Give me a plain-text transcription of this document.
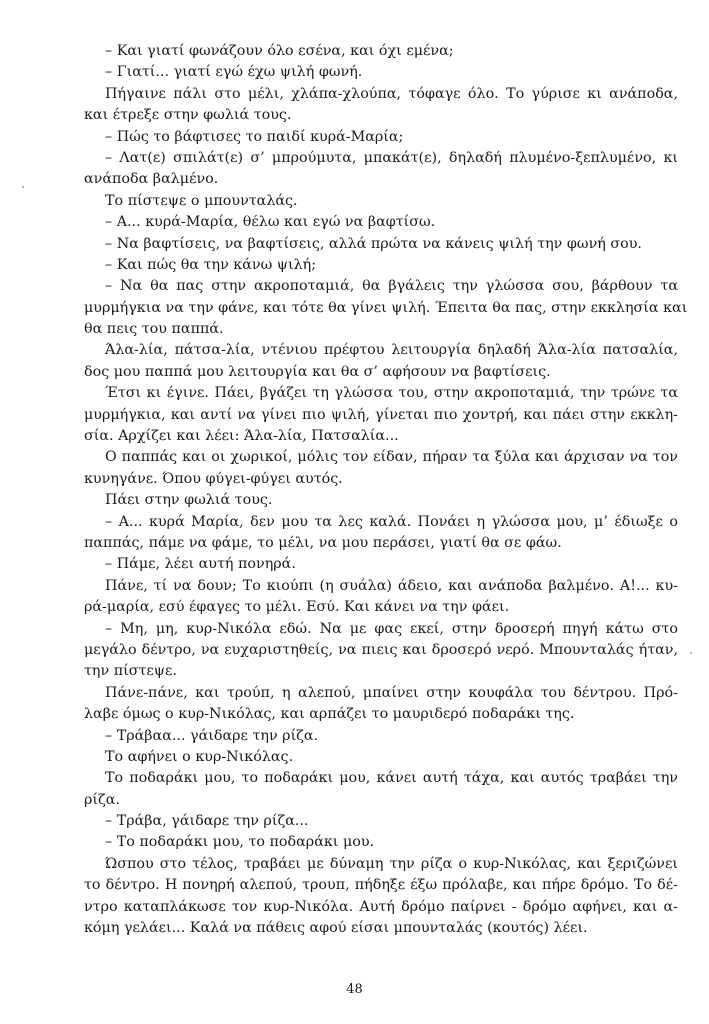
– Και γιατί φωνάζουν όλο εσένα, και όχι εμένα;
– Γιατί... γιατί εγώ έχω ψιλή φωνή.
Πήγαινε πάλι στο μέλι, χλάπα-χλούπα, τόφαγε όλο. Το γύρισε κι ανάποδα,
και έτρεξε στην φωλιά τους.
– Πώς το βάφτισες το παιδί κυρά-Μαρία;
– Λατ(ε) σπιλάτ(ε) σ’ μπρούμυτα, μπακάτ(ε), δηλαδή πλυμένο-ξεπλυμένο, κι
ανάποδα βαλμένο.
Το πίστεψε ο μπουνταλάς.
– Α... κυρά-Μαρία, θέλω και εγώ να βαφτίσω.
– Να βαφτίσεις, να βαφτίσεις, αλλά πρώτα να κάνεις ψιλή την φωνή σου.
– Και πώς θα την κάνω ψιλή;
– Να θα πας στην ακροποταμιά, θα βγάλεις την γλώσσα σου, βάρθουν τα
μυρμήγκια να την φάνε, και τότε θα γίνει ψιλή. Έπειτα θα πας, στην εκκλησία και
θα πεις του παππά.
Άλα-λία, πάτσα-λία, ντένιου πρέφτου λειτουργία δηλαδή Άλα-λία πατσαλία,
δος μου παππά μου λειτουργία και θα σ’ αφήσουν να βαφτίσεις.
Έτσι κι έγινε. Πάει, βγάζει τη γλώσσα του, στην ακροποταμιά, την τρώνε τα
μυρμήγκια, και αντί να γίνει πιο ψιλή, γίνεται πιο χοντρή, και πάει στην εκκλη-
σία. Αρχίζει και λέει: Άλα-λία, Πατσαλία...
Ο παππάς και οι χωρικοί, μόλις τον είδαν, πήραν τα ξύλα και άρχισαν να τον
κυνηγάνε. Όπου φύγει-φύγει αυτός.
Πάει στην φωλιά τους.
– Α... κυρά Μαρία, δεν μου τα λες καλά. Πονάει η γλώσσα μου, μ’ έδιωξε ο
παππάς, πάμε να φάμε, το μέλι, να μου περάσει, γιατί θα σε φάω.
– Πάμε, λέει αυτή πονηρά.
Πάνε, τί να δουν; Το κιούπι (η συάλα) άδειο, και ανάποδα βαλμένο. Α!... κυ-
ρά-μαρία, εσύ έφαγες το μέλι. Εσύ. Και κάνει να την φάει.
– Μη, μη, κυρ-Νικόλα εδώ. Να με φας εκεί, στην δροσερή πηγή κάτω στο
μεγάλο δέντρο, να ευχαριστηθείς, να πιεις και δροσερό νερό. Μπουνταλάς ήταν,
την πίστεψε.
Πάνε-πάνε, και τρούπ, η αλεπού, μπαίνει στην κουφάλα του δέντρου. Πρό-
λαβε όμως ο κυρ-Νικόλας, και αρπάζει το μαυριδερό ποδαράκι της.
– Τράβαα... γάιδαρε την ρίζα.
Το αφήνει ο κυρ-Νικόλας.
Το ποδαράκι μου, το ποδαράκι μου, κάνει αυτή τάχα, και αυτός τραβάει την
ρίζα.
– Τράβα, γάιδαρε την ρίζα...
– Το ποδαράκι μου, το ποδαράκι μου.
Ώσπου στο τέλος, τραβάει με δύναμη την ρίζα ο κυρ-Νικόλας, και ξεριζώνει
το δέντρο. Η πονηρή αλεπού, τρουπ, πήδηξε έξω πρόλαβε, και πήρε δρόμο. Το δέ-
ντρο καταπλάκωσε τον κυρ-Νικόλα. Αυτή δρόμο παίρνει - δρόμο αφήνει, και α-
κόμη γελάει... Καλά να πάθεις αφού είσαι μπουνταλάς (κουτός) λέει.
48
